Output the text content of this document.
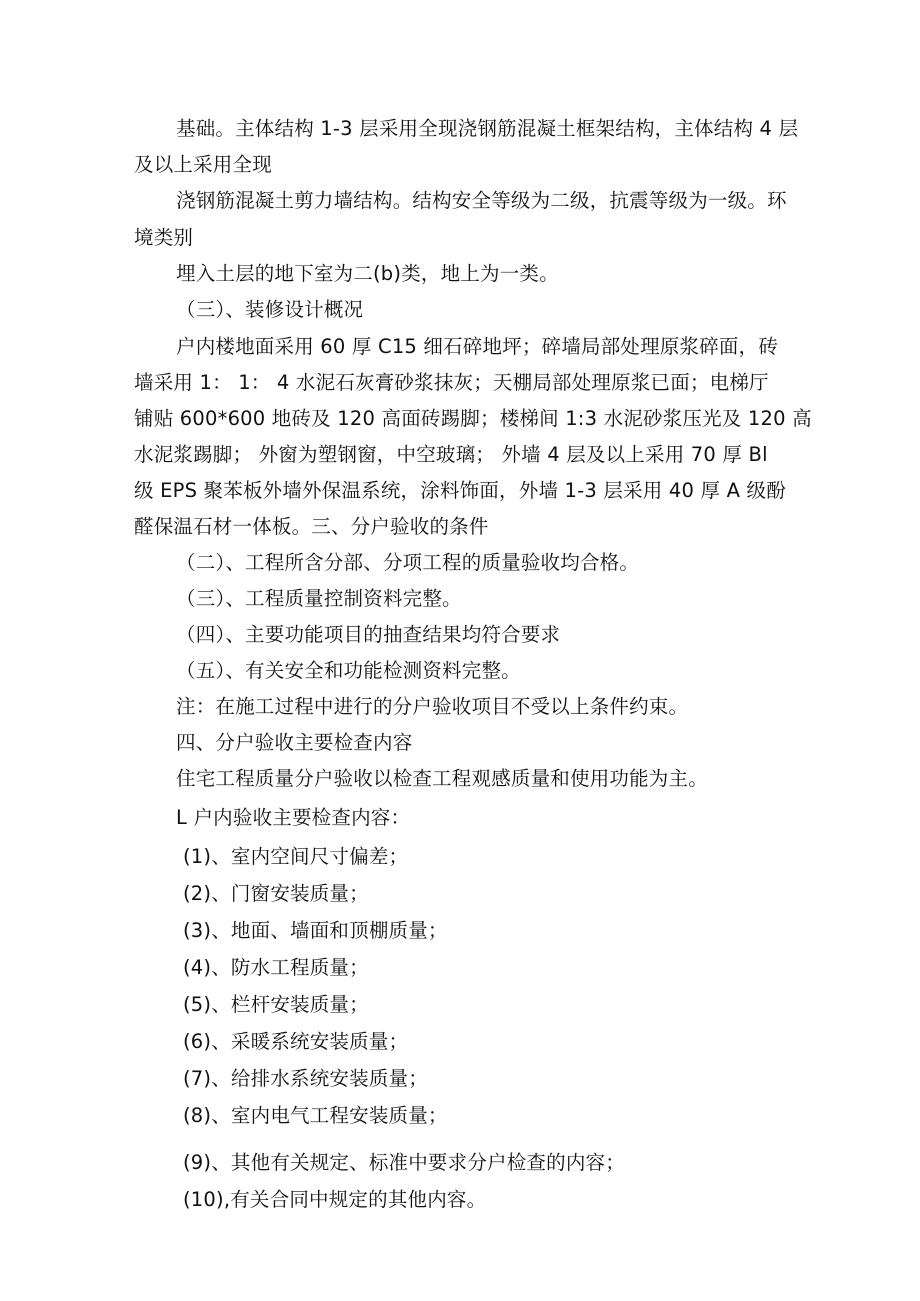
基础。主体结构 1-3 层采用全现浇钢筋混凝土框架结构，主体结构 4 层
及以上采用全现
浇钢筋混凝土剪力墙结构。结构安全等级为二级，抗震等级为一级。环
境类别
埋入土层的地下室为二(b)类，地上为一类。
（三）、装修设计概况
户内楼地面采用 60 厚 C15 细石碎地坪；碎墙局部处理原浆碎面，砖
墙采用 1： 1： 4 水泥石灰膏砂浆抹灰；天棚局部处理原浆已面；电梯厅
铺贴 600*600 地砖及 120 高面砖踢脚；楼梯间 1:3 水泥砂浆压光及 120 高
水泥浆踢脚； 外窗为塑钢窗，中空玻璃； 外墙 4 层及以上采用 70 厚 Bl
级 EPS 聚苯板外墙外保温系统，涂料饰面，外墙 1-3 层采用 40 厚 A 级酚
醛保温石材一体板。三、分户验收的条件
（二）、工程所含分部、分项工程的质量验收均合格。
（三）、工程质量控制资料完整。
（四）、主要功能项目的抽查结果均符合要求
（五）、有关安全和功能检测资料完整。
注：在施工过程中进行的分户验收项目不受以上条件约束。
四、分户验收主要检查内容
住宅工程质量分户验收以检查工程观感质量和使用功能为主。
L 户内验收主要检查内容：
(1)、室内空间尺寸偏差；
(2)、门窗安装质量；
(3)、地面、墙面和顶棚质量；
(4)、防水工程质量；
(5)、栏杆安装质量；
(6)、采暖系统安装质量；
(7)、给排水系统安装质量；
(8)、室内电气工程安装质量；
(9)、其他有关规定、标准中要求分户检查的内容；
(10),有关合同中规定的其他内容。
